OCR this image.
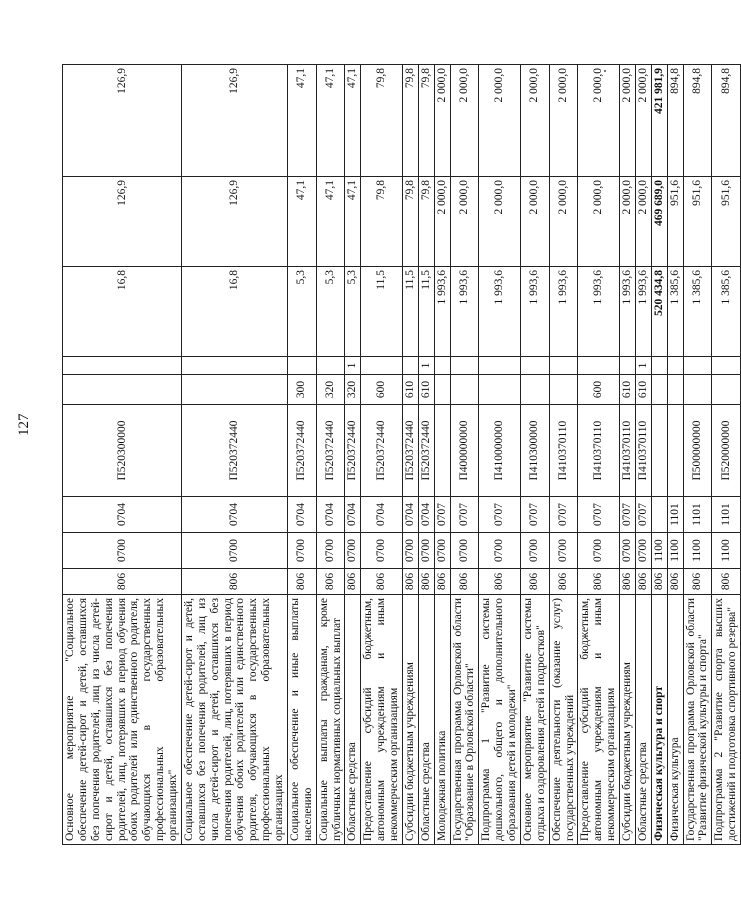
127
Основное мероприятие "Социальное обеспечение детей-сирот и детей, оставшихся без попечения родителей, лиц из числа детей-сирот и детей, оставшихся без попечения родителей, лиц, потерявших в период обучения обоих родителей или единственного родителя, обучающихся в государственных профессиональных образовательных организациях"	806	0700	0704	П520300000			16,8	126,9	126,9
Социальное обеспечение детей-сирот и детей, оставшихся без попечения родителей, лиц из числа детей-сирот и детей, оставшихся без попечения родителей, лиц, потерявших в период обучения обоих родителей или единственного родителя, обучающихся в государственных профессиональных образовательных организациях	806	0700	0704	П520372440			16,8	126,9	126,9
Социальное обеспечение и иные выплаты населению	806	0700	0704	П520372440	300		5,3	47,1	47,1
Социальные выплаты гражданам, кроме публичных нормативных социальных выплат	806	0700	0704	П520372440	320		5,3	47,1	47,1
Областные средства	806	0700	0704	П520372440	320	1	5,3	47,1	47,1
Предоставление субсидий бюджетным, автономным учреждениям и иным некоммерческим организациям	806	0700	0704	П520372440	600		11,5	79,8	79,8
Субсидии бюджетным учреждениям	806	0700	0704	П520372440	610		11,5	79,8	79,8
Областные средства	806	0700	0704	П520372440	610	1	11,5	79,8	79,8
Молодежная политика	806	0700	0707				1 993,6	2 000,0	2 000,0
Государственная программа Орловской области "Образование в Орловской области"	806	0700	0707	П400000000			1 993,6	2 000,0	2 000,0
Подпрограмма 1 "Развитие системы дошкольного, общего и дополнительного образования детей и молодежи"	806	0700	0707	П410000000			1 993,6	2 000,0	2 000,0
Основное мероприятие "Развитие системы отдыха и оздоровления детей и подростков"	806	0700	0707	П410300000			1 993,6	2 000,0	2 000,0
Обеспечение деятельности (оказание услуг) государственных учреждений	806	0700	0707	П410370110			1 993,6	2 000,0	2 000,0
Предоставление субсидий бюджетным, автономным учреждениям и иным некоммерческим организациям	806	0700	0707	П410370110	600		1 993,6	2 000,0	2 000,0
Субсидии бюджетным учреждениям	806	0700	0707	П410370110	610		1 993,6	2 000,0	2 000,0
Областные средства	806	0700	0707	П410370110	610	1	1 993,6	2 000,0	2 000,0
Физическая культура и спорт	806	1100					520 434,8	469 689,0	421 981,9
Физическая культура	806	1100	1101				1 385,6	951,6	894,8
Государственная программа Орловской области "Развитие физической культуры и спорта"	806	1100	1101	П500000000			1 385,6	951,6	894,8
Подпрограмма 2 "Развитие спорта высших достижений и подготовка спортивного резерва"	806	1100	1101	П520000000			1 385,6	951,6	894,8
